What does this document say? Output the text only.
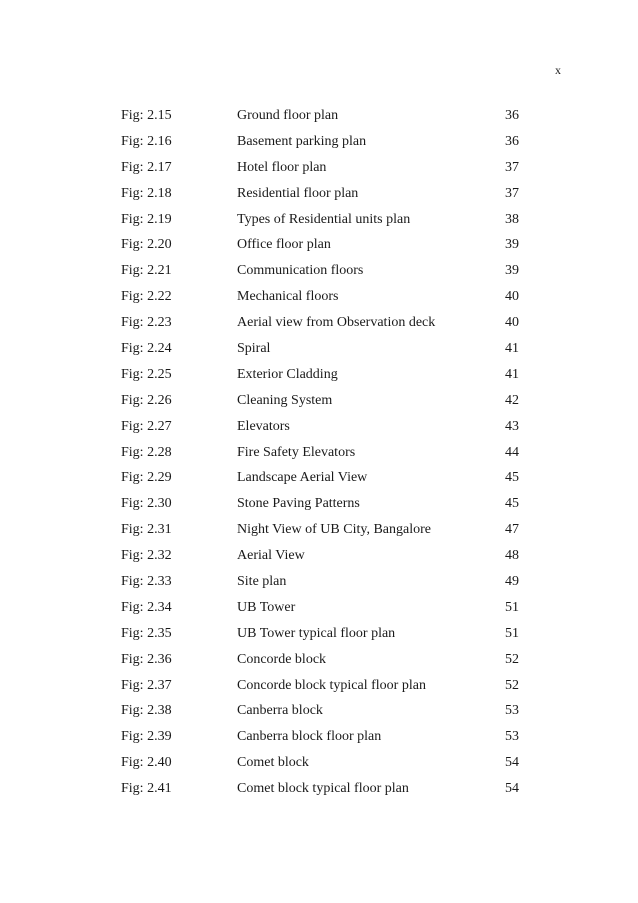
x
Fig: 2.15	Ground floor plan	36
Fig: 2.16	Basement parking plan	36
Fig: 2.17	Hotel floor plan	37
Fig: 2.18	Residential floor plan	37
Fig: 2.19	Types of Residential units plan	38
Fig: 2.20	Office floor plan	39
Fig: 2.21	Communication floors	39
Fig: 2.22	Mechanical floors	40
Fig: 2.23	Aerial view from Observation deck	40
Fig: 2.24	Spiral	41
Fig: 2.25	Exterior Cladding	41
Fig: 2.26	Cleaning System	42
Fig: 2.27	Elevators	43
Fig: 2.28	Fire Safety Elevators	44
Fig: 2.29	Landscape Aerial View	45
Fig: 2.30	Stone Paving Patterns	45
Fig: 2.31	Night View of UB City, Bangalore	47
Fig: 2.32	Aerial View	48
Fig: 2.33	Site plan	49
Fig: 2.34	UB Tower	51
Fig: 2.35	UB Tower typical floor plan	51
Fig: 2.36	Concorde block	52
Fig: 2.37	Concorde block typical floor plan	52
Fig: 2.38	Canberra block	53
Fig: 2.39	Canberra block floor plan	53
Fig: 2.40	Comet block	54
Fig: 2.41	Comet block typical floor plan	54
